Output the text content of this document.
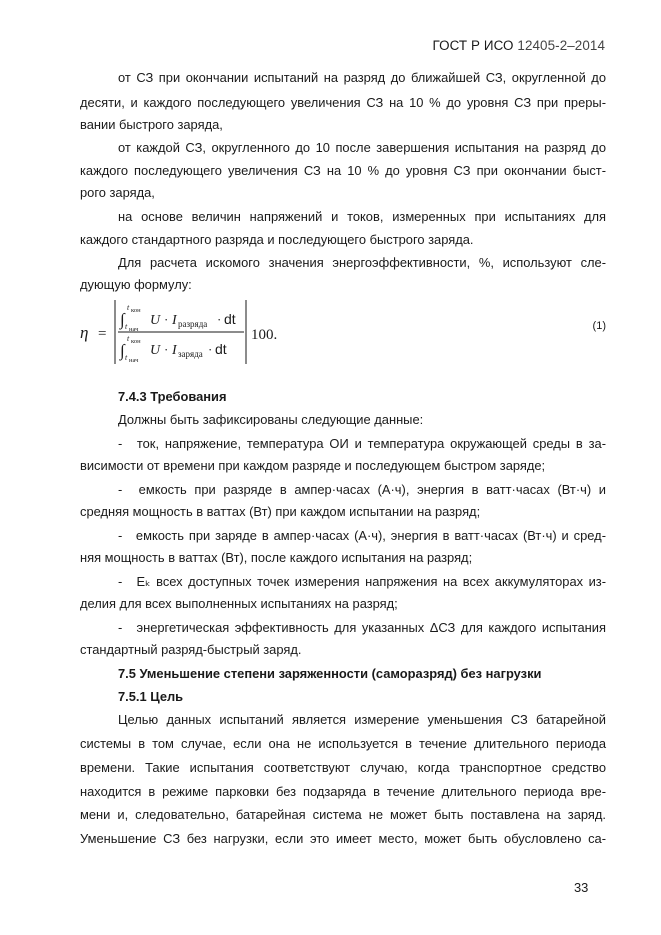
ГОСТ Р ИСО 12405-2–2014
от СЗ при окончании испытаний на разряд до ближайшей СЗ, округленной до
десяти, и каждого последующего увеличения СЗ на 10 % до уровня СЗ при преры-
вании быстрого заряда,
от каждой СЗ, округленного до 10 после завершения испытания на разряд до
каждого последующего увеличения СЗ на 10 % до уровня СЗ при окончании быст-
рого заряда,
на основе величин напряжений и токов, измеренных при испытаниях для
каждого стандартного разряда и последующего быстрого заряда.
Для расчета искомого значения энергоэффективности, %, используют сле-
дующую формулу:
η =
∫
t кон
t нач
U · I разряда · dt
∫
t кон
t нач
U · I заряда · dt
100.
(1)
7.4.3 Требования
Должны быть зафиксированы следующие данные:
- ток, напряжение, температура ОИ и температура окружающей среды в за-
висимости от времени при каждом разряде и последующем быстром заряде;
- емкость при разряде в ампер·часах (А·ч), энергия в ватт·часах (Вт·ч) и
средняя мощность в ваттах (Вт) при каждом испытании на разряд;
- емкость при заряде в ампер·часах (А·ч), энергия в ватт·часах (Вт·ч) и сред-
няя мощность в ваттах (Вт), после каждого испытания на разряд;
- Eₖ всех доступных точек измерения напряжения на всех аккумуляторах из-
делия для всех выполненных испытаниях на разряд;
- энергетическая эффективность для указанных ΔСЗ для каждого испытания
стандартный разряд-быстрый заряд.
7.5 Уменьшение степени заряженности (саморазряд) без нагрузки
7.5.1 Цель
Целью данных испытаний является измерение уменьшения СЗ батарейной
системы в том случае, если она не используется в течение длительного периода
времени. Такие испытания соответствуют случаю, когда транспортное средство
находится в режиме парковки без подзаряда в течение длительного периода вре-
мени и, следовательно, батарейная система не может быть поставлена на заряд.
Уменьшение СЗ без нагрузки, если это имеет место, может быть обусловлено са-
33
